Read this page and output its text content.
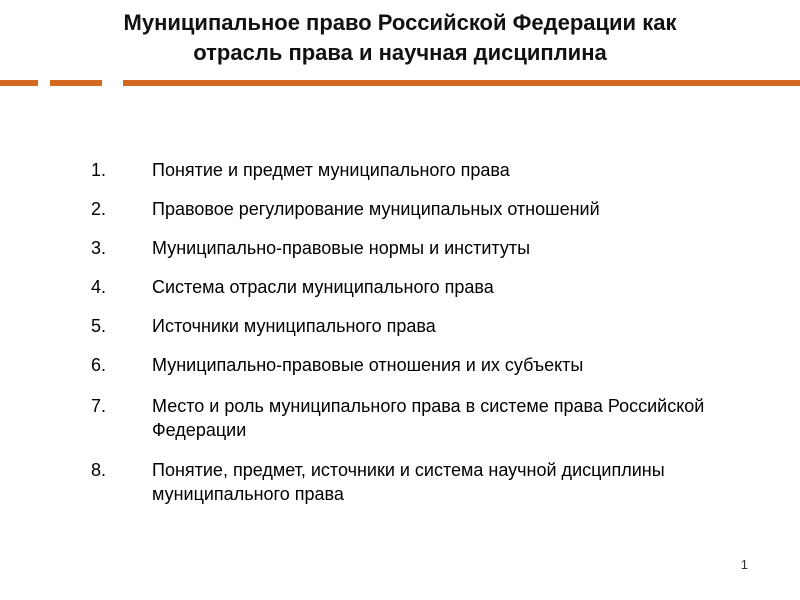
Муниципальное право Российской Федерации как
отрасль права и научная дисциплина
1.	Понятие и предмет муниципального права
2.	Правовое регулирование муниципальных отношений
3.	Муниципально-правовые нормы и институты
4.	Система отрасли муниципального права
5.	Источники муниципального права
6.	Муниципально-правовые отношения и их субъекты
7.	Место и роль муниципального права в системе права Российской Федерации
8.	Понятие, предмет, источники и система научной дисциплины муниципального права
1
